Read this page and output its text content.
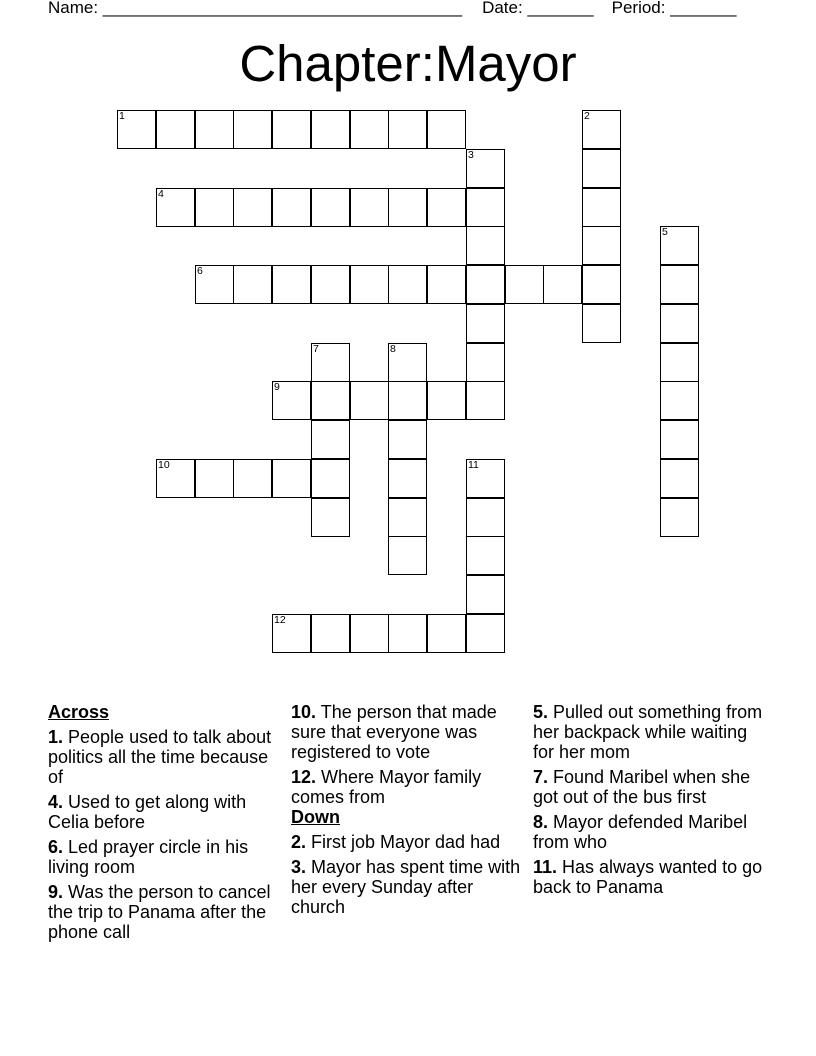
Name: ______________________________________ Date: _______ Period: _______
Chapter:Mayor
1
4
6
9
10
12
2
3
5
7	8
11
Across
1. People used to talk about politics all the time because of
4. Used to get along with Celia before
6. Led prayer circle in his living room
9. Was the person to cancel the trip to Panama after the phone call
10. The person that made sure that everyone was registered to vote
12. Where Mayor family comes from
Down
2. First job Mayor dad had
3. Mayor has spent time with her every Sunday after church
5. Pulled out something from her backpack while waiting for her mom
7. Found Maribel when she got out of the bus first
8. Mayor defended Maribel from who
11. Has always wanted to go back to Panama
